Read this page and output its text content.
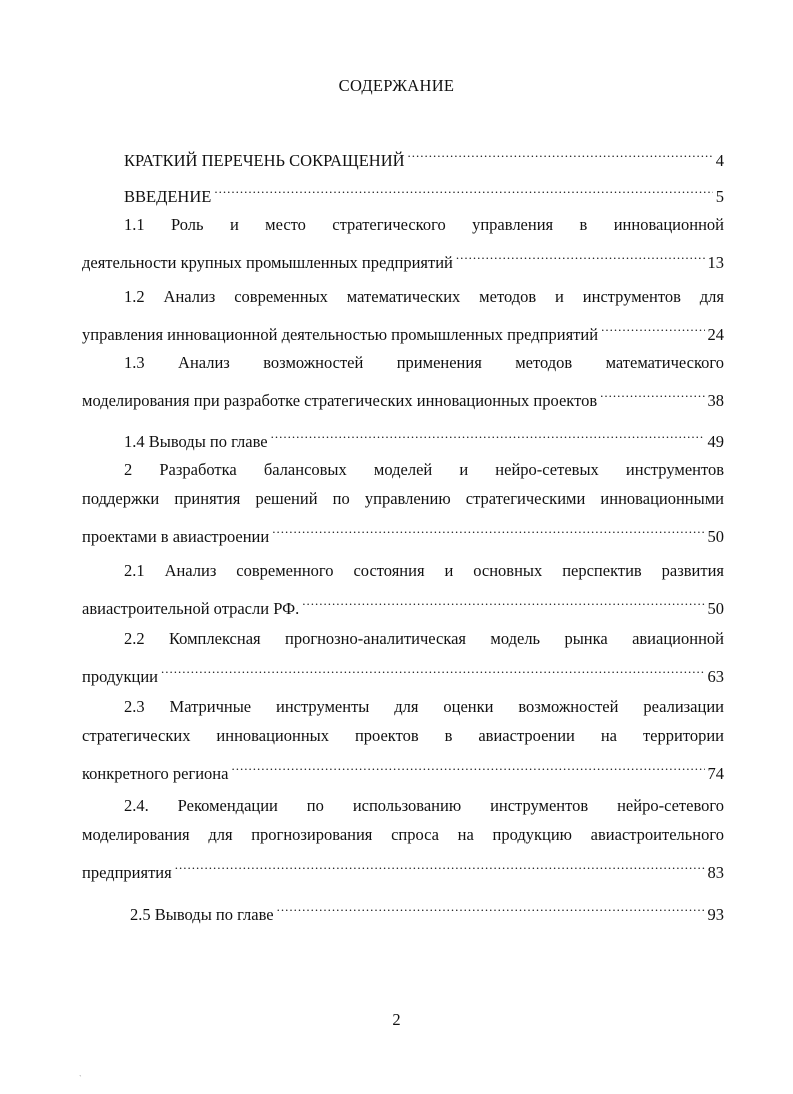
СОДЕРЖАНИЕ
КРАТКИЙ ПЕРЕЧЕНЬ СОКРАЩЕНИЙ .....	4
ВВЕДЕНИЕ .....	5
1.1 Роль и место стратегического управления в инновационной
деятельности крупных промышленных предприятий .....	13
1.2 Анализ современных математических методов и инструментов для
управления инновационной деятельностью промышленных предприятий .....	24
1.3 Анализ возможностей применения методов математического
моделирования при разработке стратегических инновационных проектов .....	38
1.4 Выводы по главе .....	49
2 Разработка балансовых моделей и нейро-сетевых инструментов
поддержки принятия решений по управлению стратегическими инновационными
проектами в авиастроении .....	50
2.1 Анализ современного состояния и основных перспектив развития
авиастроительной отрасли РФ. .....	50
2.2 Комплексная прогнозно-аналитическая модель рынка авиационной
продукции .....	63
2.3 Матричные инструменты для оценки возможностей реализации
стратегических инновационных проектов в авиастроении на территории
конкретного региона .....	74
2.4. Рекомендации по использованию инструментов нейро-сетевого
моделирования для прогнозирования спроса на продукцию авиастроительного
предприятия .....	83
2.5 Выводы по главе .....	93
2
`
